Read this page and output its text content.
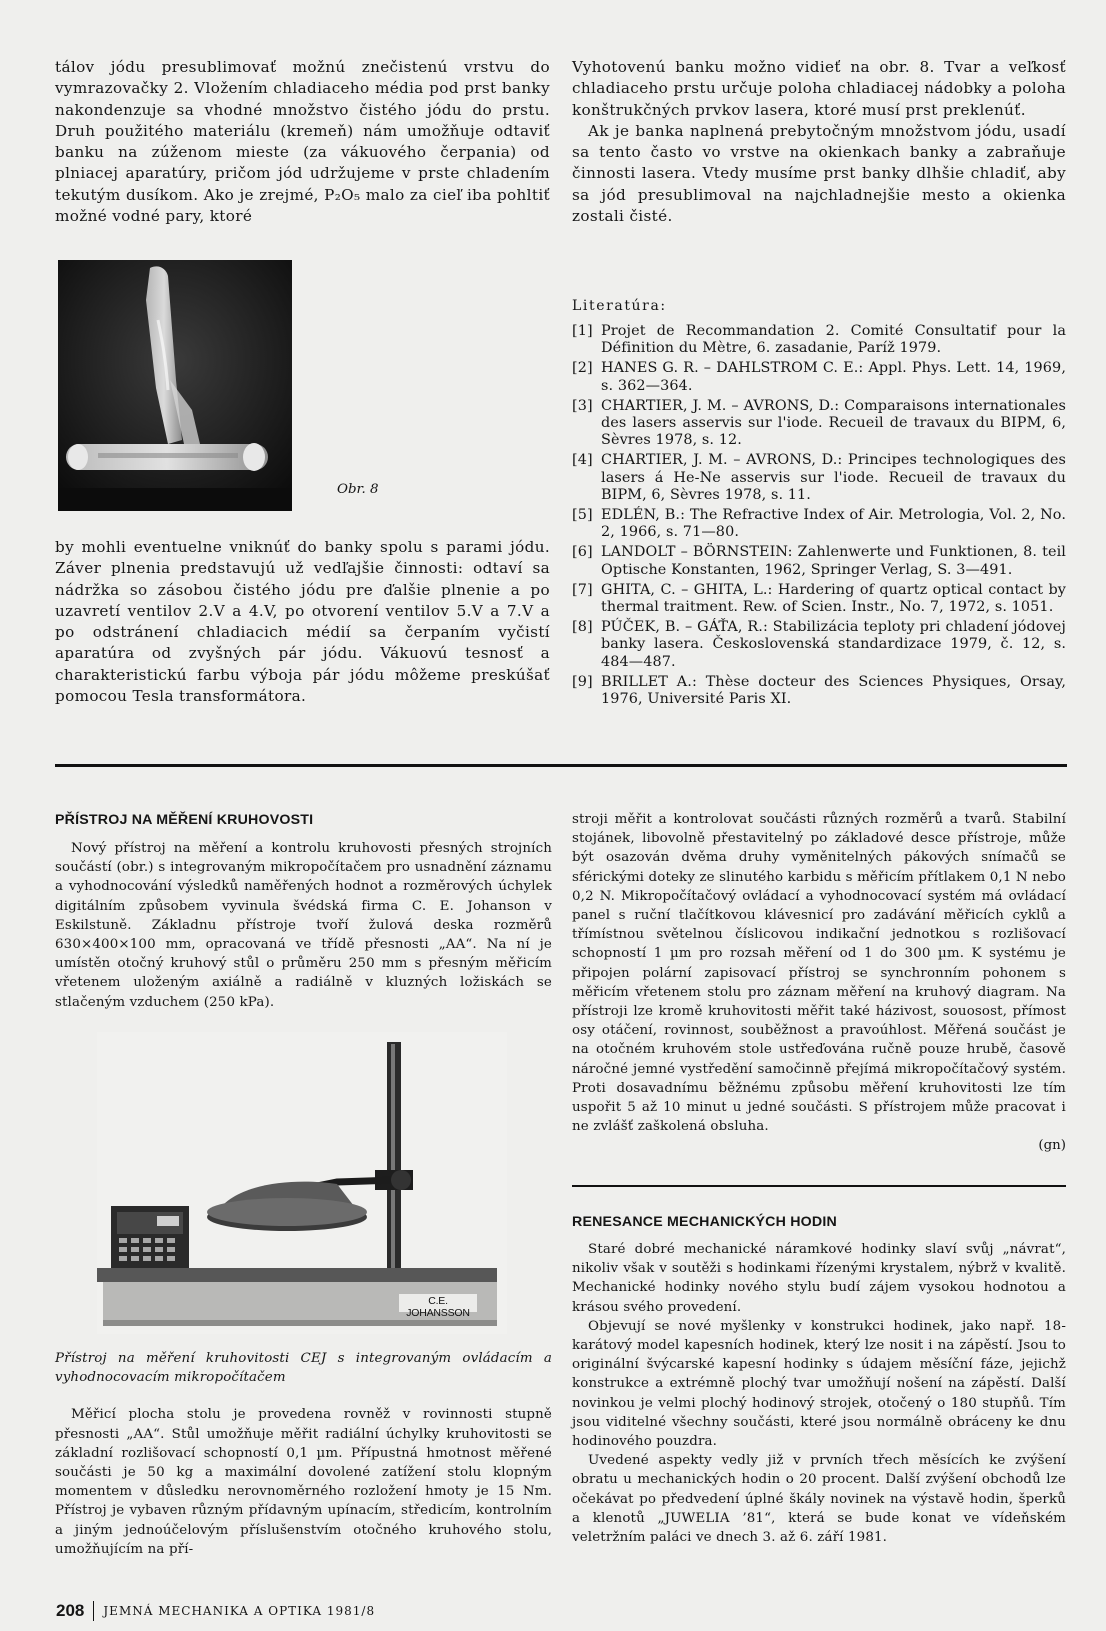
tálov jódu presublimovať možnú znečistenú vrstvu do vymrazovačky 2. Vložením chladiaceho média pod prst banky nakondenzuje sa vhodné množstvo čistého jódu do prstu. Druh použitého materiálu (kremeň) nám umožňuje odtaviť banku na zúženom mieste (za vákuového čerpania) od plniacej aparatúry, pričom jód udržujeme v prste chladením tekutým dusíkom. Ako je zrejmé, P₂O₅ malo za cieľ iba pohltiť možné vodné pary, ktoré

Obr. 8

by mohli eventuelne vniknúť do banky spolu s parami jódu. Záver plnenia predstavujú už vedľajšie činnosti: odtaví sa nádržka so zásobou čistého jódu pre ďalšie plnenie a po uzavretí ventilov 2.V a 4.V, po otvorení ventilov 5.V a 7.V a po odstránení chladiacich médií sa čerpaním vyčistí aparatúra od zvyšných pár jódu. Vákuovú tesnosť a charakteristickú farbu výboja pár jódu môžeme preskúšať pomocou Tesla transformátora.

Vyhotovenú banku možno vidieť na obr. 8. Tvar a veľkosť chladiaceho prstu určuje poloha chladiacej nádobky a poloha konštrukčných prvkov lasera, ktoré musí prst preklenúť.

Ak je banka naplnená prebytočným množstvom jódu, usadí sa tento často vo vrstve na okienkach banky a zabraňuje činnosti lasera. Vtedy musíme prst banky dlhšie chladiť, aby sa jód presublimoval na najchladnejšie mesto a okienka zostali čisté.

Literatúra:
[1] Projet de Recommandation 2. Comité Consultatif pour la Définition du Mètre, 6. zasadanie, Paríž 1979.
[2] HANES G. R. – DAHLSTROM C. E.: Appl. Phys. Lett. 14, 1969, s. 362—364.
[3] CHARTIER, J. M. – AVRONS, D.: Comparaisons internationales des lasers asservis sur l'iode. Recueil de travaux du BIPM, 6, Sèvres 1978, s. 12.
[4] CHARTIER, J. M. – AVRONS, D.: Principes technologiques des lasers á He-Ne asservis sur l'iode. Recueil de travaux du BIPM, 6, Sèvres 1978, s. 11.
[5] EDLÉN, B.: The Refractive Index of Air. Metrologia, Vol. 2, No. 2, 1966, s. 71—80.
[6] LANDOLT – BÖRNSTEIN: Zahlenwerte und Funktionen, 8. teil Optische Konstanten, 1962, Springer Verlag, S. 3—491.
[7] GHITA, C. – GHITA, L.: Hardering of quartz optical contact by thermal traitment. Rew. of Scien. Instr., No. 7, 1972, s. 1051.
[8] PÚČEK, B. – GÁŤA, R.: Stabilizácia teploty pri chladení jódovej banky lasera. Československá standardizace 1979, č. 12, s. 484—487.
[9] BRILLET A.: Thèse docteur des Sciences Physiques, Orsay, 1976, Université Paris XI.
PŘÍSTROJ NA MĚŘENÍ KRUHOVOSTI

Nový přístroj na měření a kontrolu kruhovosti přesných strojních součástí (obr.) s integrovaným mikropočítačem pro usnadnění záznamu a vyhodnocování výsledků naměřených hodnot a rozměrových úchylek digitálním způsobem vyvinula švédská firma C. E. Johanson v Eskilstuně. Základnu přístroje tvoří žulová deska rozměrů 630×400×100 mm, opracovaná ve třídě přesnosti „AA“. Na ní je umístěn otočný kruhový stůl o průměru 250 mm s přesným měřicím vřetenem uloženým axiálně a radiálně v kluzných ložiskách se stlačeným vzduchem (250 kPa).

C.E. JOHANSSON

Přístroj na měření kruhovitosti CEJ s integrovaným ovládacím a vyhodnocovacím mikropočítačem

Měřicí plocha stolu je provedena rovněž v rovinnosti stupně přesnosti „AA“. Stůl umožňuje měřit radiální úchylky kruhovitosti se základní rozlišovací schopností 0,1 µm. Přípustná hmotnost měřené součásti je 50 kg a maximální dovolené zatížení stolu klopným momentem v důsledku nerovnoměrného rozložení hmoty je 15 Nm. Přístroj je vybaven různým přídavným upínacím, středicím, kontrolním a jiným jednoúčelovým příslušenstvím otočného kruhového stolu, umožňujícím na pří-

stroji měřit a kontrolovat součásti různých rozměrů a tvarů. Stabilní stojánek, libovolně přestavitelný po základové desce přístroje, může být osazován dvěma druhy vyměnitelných pákových snímačů se sférickými doteky ze slinutého karbidu s měřicím přítlakem 0,1 N nebo 0,2 N. Mikropočítačový ovládací a vyhodnocovací systém má ovládací panel s ruční tlačítkovou klávesnicí pro zadávání měřicích cyklů a třímístnou světelnou číslicovou indikační jednotkou s rozlišovací schopností 1 µm pro rozsah měření od 1 do 300 µm. K systému je připojen polární zapisovací přístroj se synchronním pohonem s měřicím vřetenem stolu pro záznam měření na kruhový diagram. Na přístroji lze kromě kruhovitosti měřit také házivost, souosost, přímost osy otáčení, rovinnost, souběžnost a pravoúhlost. Měřená součást je na otočném kruhovém stole ustřeďována ručně pouze hrubě, časově náročné jemné vystředění samočinně přejímá mikropočítačový systém. Proti dosavadnímu běžnému způsobu měření kruhovitosti lze tím uspořit 5 až 10 minut u jedné součásti. S přístrojem může pracovat i ne zvlášť zaškolená obsluha.

(gn)
RENESANCE MECHANICKÝCH HODIN

Staré dobré mechanické náramkové hodinky slaví svůj „návrat“, nikoliv však v soutěži s hodinkami řízenými krystalem, nýbrž v kvalitě. Mechanické hodinky nového stylu budí zájem vysokou hodnotou a krásou svého provedení.

Objevují se nové myšlenky v konstrukci hodinek, jako např. 18-karátový model kapesních hodinek, který lze nosit i na zápěstí. Jsou to originální švýcarské kapesní hodinky s údajem měsíční fáze, jejichž konstrukce a extrémně plochý tvar umožňují nošení na zápěstí. Další novinkou je velmi plochý hodinový strojek, otočený o 180 stupňů. Tím jsou viditelné všechny součásti, které jsou normálně obráceny ke dnu hodinového pouzdra.

Uvedené aspekty vedly již v prvních třech měsících ke zvýšení obratu u mechanických hodin o 20 procent. Další zvýšení obchodů lze očekávat po předvedení úplné škály novinek na výstavě hodin, šperků a klenotů „JUWELIA ’81“, která se bude konat ve vídeňském veletržním paláci ve dnech 3. až 6. září 1981.

208 JEMNÁ MECHANIKA A OPTIKA 1981/8
